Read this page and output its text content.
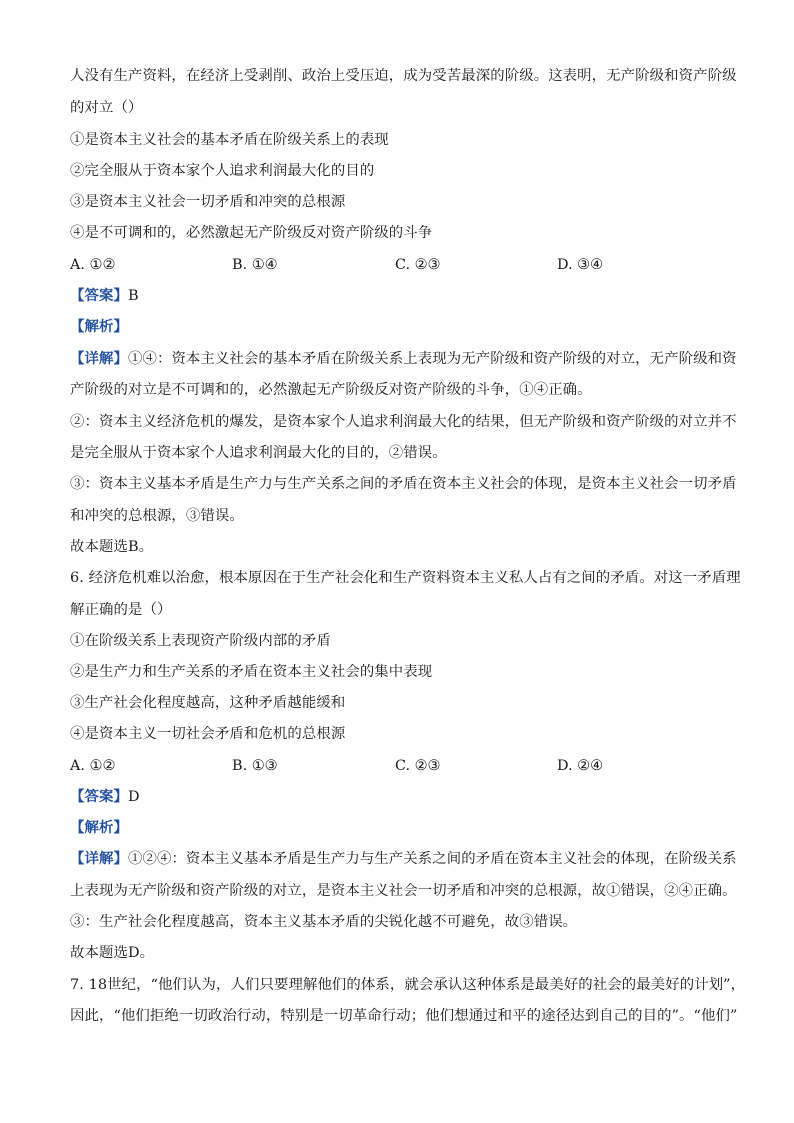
人没有生产资料，在经济上受剥削、政治上受压迫，成为受苦最深的阶级。这表明，无产阶级和资产阶级
的对立（）
①是资本主义社会的基本矛盾在阶级关系上的表现
②完全服从于资本家个人追求利润最大化的目的
③是资本主义社会一切矛盾和冲突的总根源
④是不可调和的，必然激起无产阶级反对资产阶级的斗争
A. ①②	B. ①④	C. ②③	D. ③④
【答案】B
【解析】
【详解】①④：资本主义社会的基本矛盾在阶级关系上表现为无产阶级和资产阶级的对立，无产阶级和资
产阶级的对立是不可调和的，必然激起无产阶级反对资产阶级的斗争，①④正确。
②：资本主义经济危机的爆发，是资本家个人追求利润最大化的结果，但无产阶级和资产阶级的对立并不
是完全服从于资本家个人追求利润最大化的目的，②错误。
③：资本主义基本矛盾是生产力与生产关系之间的矛盾在资本主义社会的体现，是资本主义社会一切矛盾
和冲突的总根源，③错误。
故本题选B。
6. 经济危机难以治愈，根本原因在于生产社会化和生产资料资本主义私人占有之间的矛盾。对这一矛盾理
解正确的是（）
①在阶级关系上表现资产阶级内部的矛盾
②是生产力和生产关系的矛盾在资本主义社会的集中表现
③生产社会化程度越高，这种矛盾越能缓和
④是资本主义一切社会矛盾和危机的总根源
A. ①②	B. ①③	C. ②③	D. ②④
【答案】D
【解析】
【详解】①②④：资本主义基本矛盾是生产力与生产关系之间的矛盾在资本主义社会的体现，在阶级关系
上表现为无产阶级和资产阶级的对立，是资本主义社会一切矛盾和冲突的总根源，故①错误，②④正确。
③：生产社会化程度越高，资本主义基本矛盾的尖锐化越不可避免，故③错误。
故本题选D。
7. 18世纪，“他们认为，人们只要理解他们的体系，就会承认这种体系是最美好的社会的最美好的计划”，
因此，“他们拒绝一切政治行动，特别是一切革命行动；他们想通过和平的途径达到自己的目的”。“他们”
